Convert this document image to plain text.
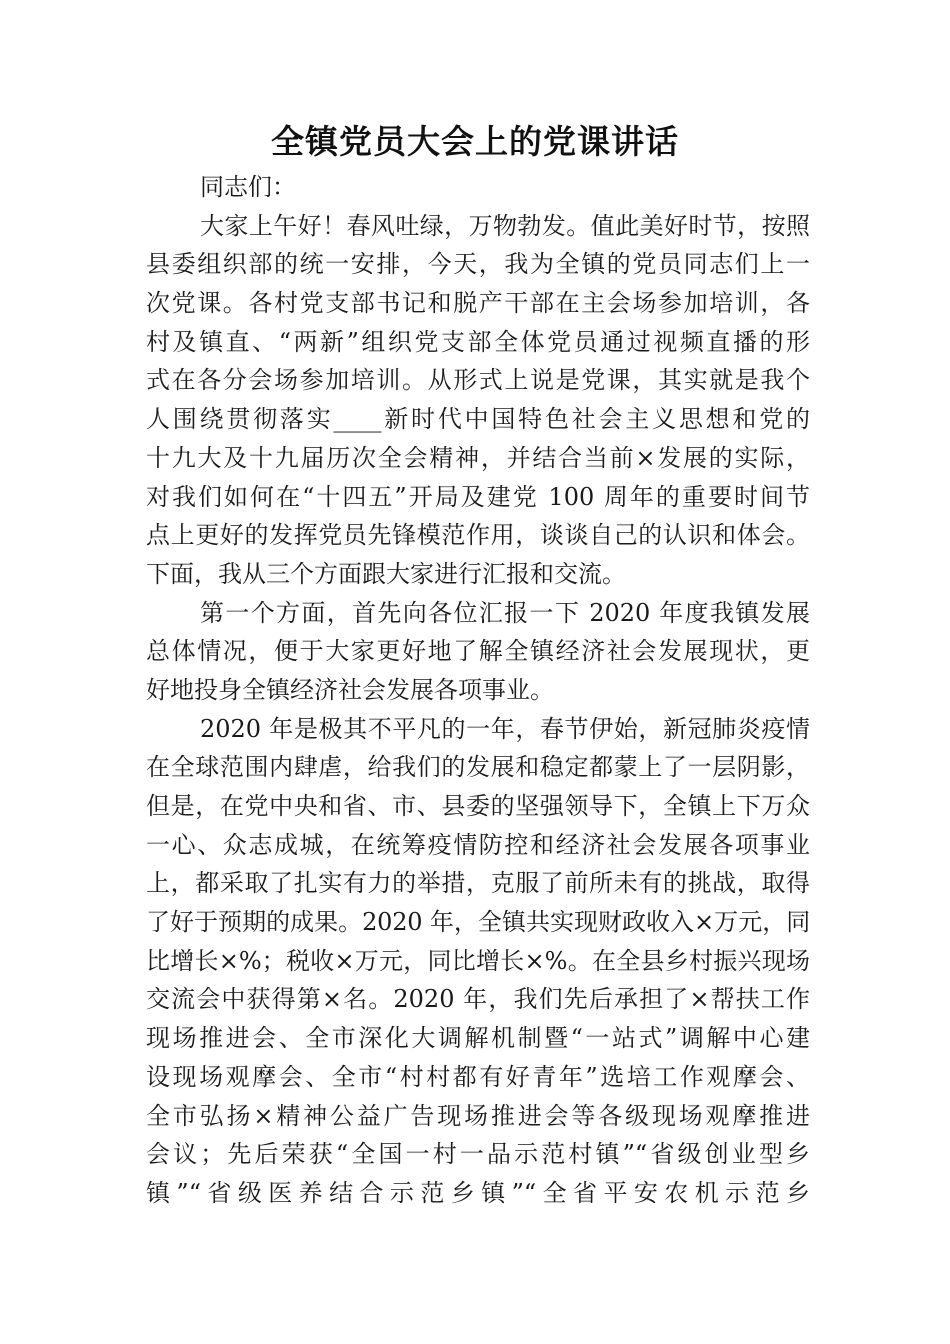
全镇党员大会上的党课讲话
同志们：
大家上午好！春风吐绿，万物勃发。值此美好时节，按照
县委组织部的统一安排，今天，我为全镇的党员同志们上一
次党课。各村党支部书记和脱产干部在主会场参加培训，各
村及镇直、“两新”组织党支部全体党员通过视频直播的形
式在各分会场参加培训。从形式上说是党课，其实就是我个
人围绕贯彻落实____新时代中国特色社会主义思想和党的
十九大及十九届历次全会精神，并结合当前×发展的实际，
对我们如何在“十四五”开局及建党 100 周年的重要时间节
点上更好的发挥党员先锋模范作用，谈谈自己的认识和体会。
下面，我从三个方面跟大家进行汇报和交流。
第一个方面，首先向各位汇报一下 2020 年度我镇发展
总体情况，便于大家更好地了解全镇经济社会发展现状，更
好地投身全镇经济社会发展各项事业。
2020 年是极其不平凡的一年，春节伊始，新冠肺炎疫情
在全球范围内肆虐，给我们的发展和稳定都蒙上了一层阴影，
但是，在党中央和省、市、县委的坚强领导下，全镇上下万众
一心、众志成城，在统筹疫情防控和经济社会发展各项事业
上，都采取了扎实有力的举措，克服了前所未有的挑战，取得
了好于预期的成果。2020 年，全镇共实现财政收入×万元，同
比增长×%；税收×万元，同比增长×%。在全县乡村振兴现场
交流会中获得第×名。2020 年，我们先后承担了×帮扶工作
现场推进会、全市深化大调解机制暨“一站式”调解中心建
设现场观摩会、全市“村村都有好青年”选培工作观摩会、
全市弘扬×精神公益广告现场推进会等各级现场观摩推进
会议；先后荣获“全国一村一品示范村镇”“省级创业型乡
镇”“省级医养结合示范乡镇”“全省平安农机示范乡
